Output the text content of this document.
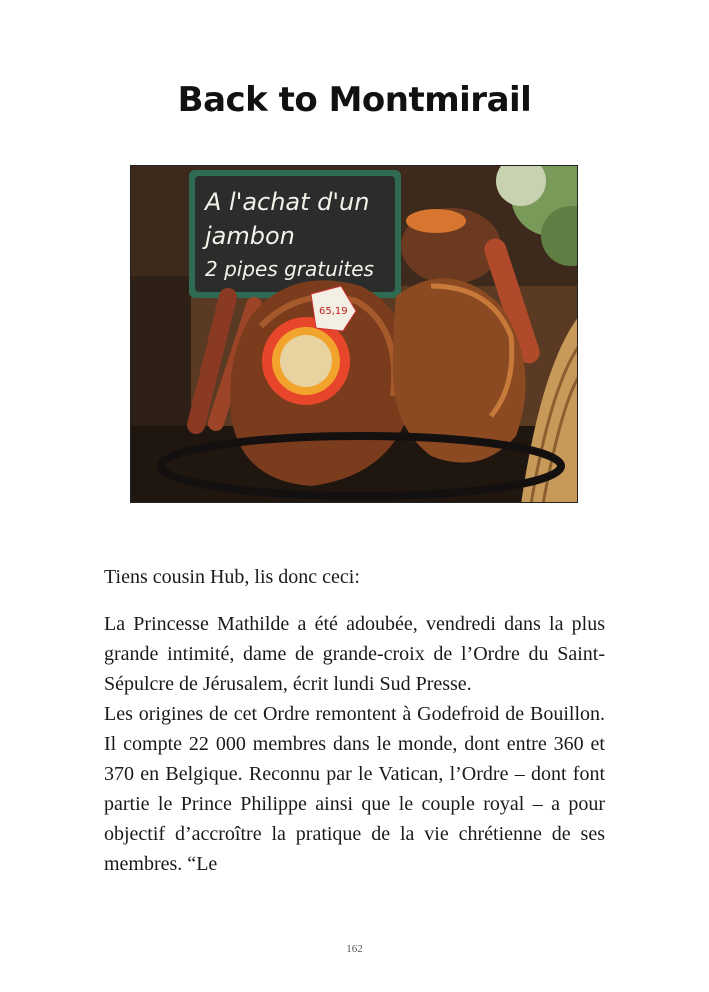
Back to Montmirail
A l'achat d'un
jambon
2 pipes gratuites
65,19
Tiens cousin Hub, lis donc ceci:

La Princesse Mathilde a été adoubée, vendredi dans la plus grande intimité, dame de grande-croix de l’Ordre du Saint-Sépulcre de Jérusalem, écrit lundi Sud Presse.

Les origines de cet Ordre remontent à Godefroid de Bouillon. Il compte 22 000 membres dans le monde, dont entre 360 et 370 en Belgique. Reconnu par le Vatican, l’Ordre – dont font partie le Prince Philippe ainsi que le couple royal – a pour objectif d’accroître la pratique de la vie chrétienne de ses membres. “Le

162
